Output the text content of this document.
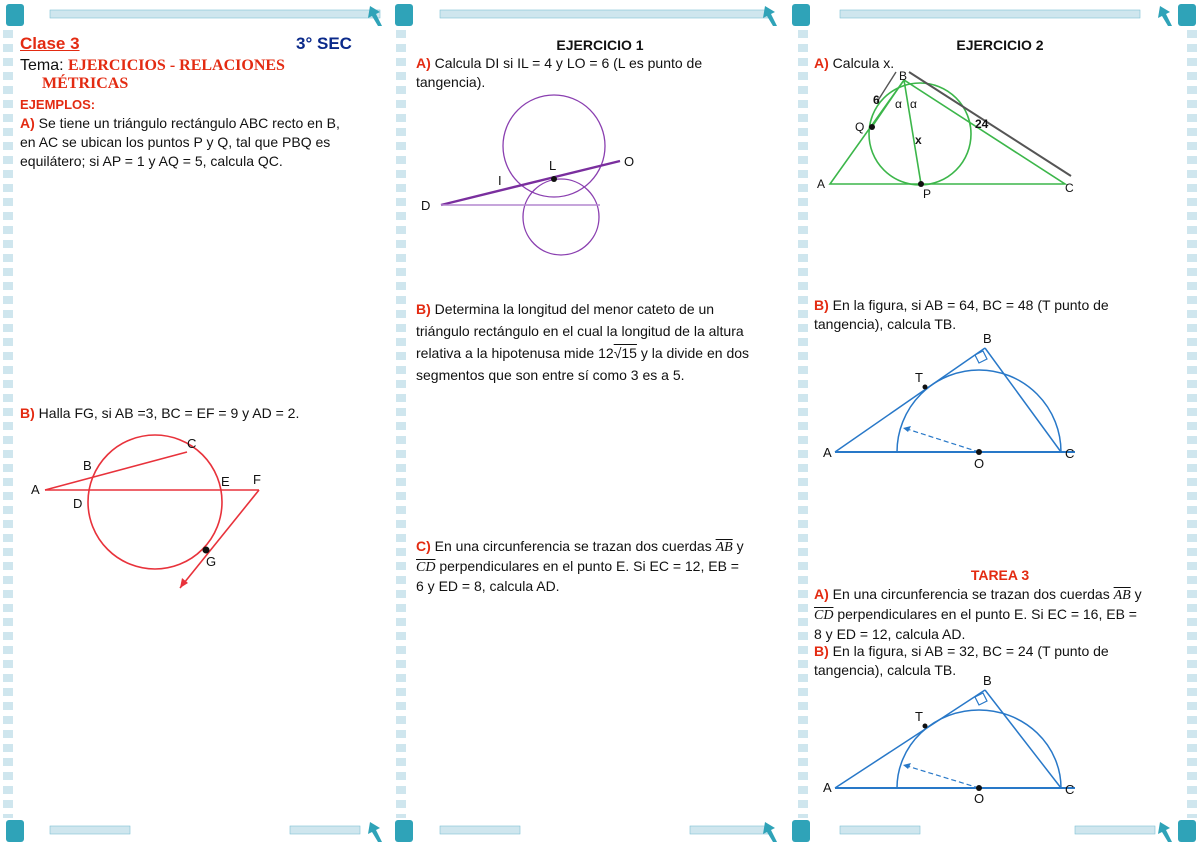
Clase 3	3° SEC
Tema: EJERCICIOS - RELACIONES
MÉTRICAS
EJEMPLOS:
A) Se tiene un triángulo rectángulo ABC recto en B,
en AC se ubican los puntos P y Q, tal que PBQ es
equilátero; si AP = 1 y AQ = 5, calcula QC.
B) Halla FG, si AB =3, BC = EF = 9 y AD = 2.
A
B
C
D
E F
G
EJERCICIO 1
A) Calcula DI si IL = 4 y LO = 6 (L es punto de
tangencia).
L	O
I
D
B) Determina la longitud del menor cateto de un
triángulo rectángulo en el cual la longitud de la altura
relativa a la hipotenusa mide 12√15 y la divide en dos
segmentos que son entre sí como 3 es a 5.
C) En una circunferencia se trazan dos cuerdas $\overline{AB}$ y
$\overline{CD}$ perpendiculares en el punto E. Si EC = 12, EB =
6 y ED = 8, calcula AD.
EJERCICIO 2
A) Calcula x.
B
A	C
P
Q
6
24
x
α α
B) En la figura, si AB = 64, BC = 48 (T punto de
tangencia), calcula TB.
A
B
C
O
T
TAREA 3
A) En una circunferencia se trazan dos cuerdas $\overline{AB}$ y
$\overline{CD}$ perpendiculares en el punto E. Si EC = 16, EB =
8 y ED = 12, calcula AD.
B) En la figura, si AB = 32, BC = 24 (T punto de
tangencia), calcula TB.
A
B
C
O
T
